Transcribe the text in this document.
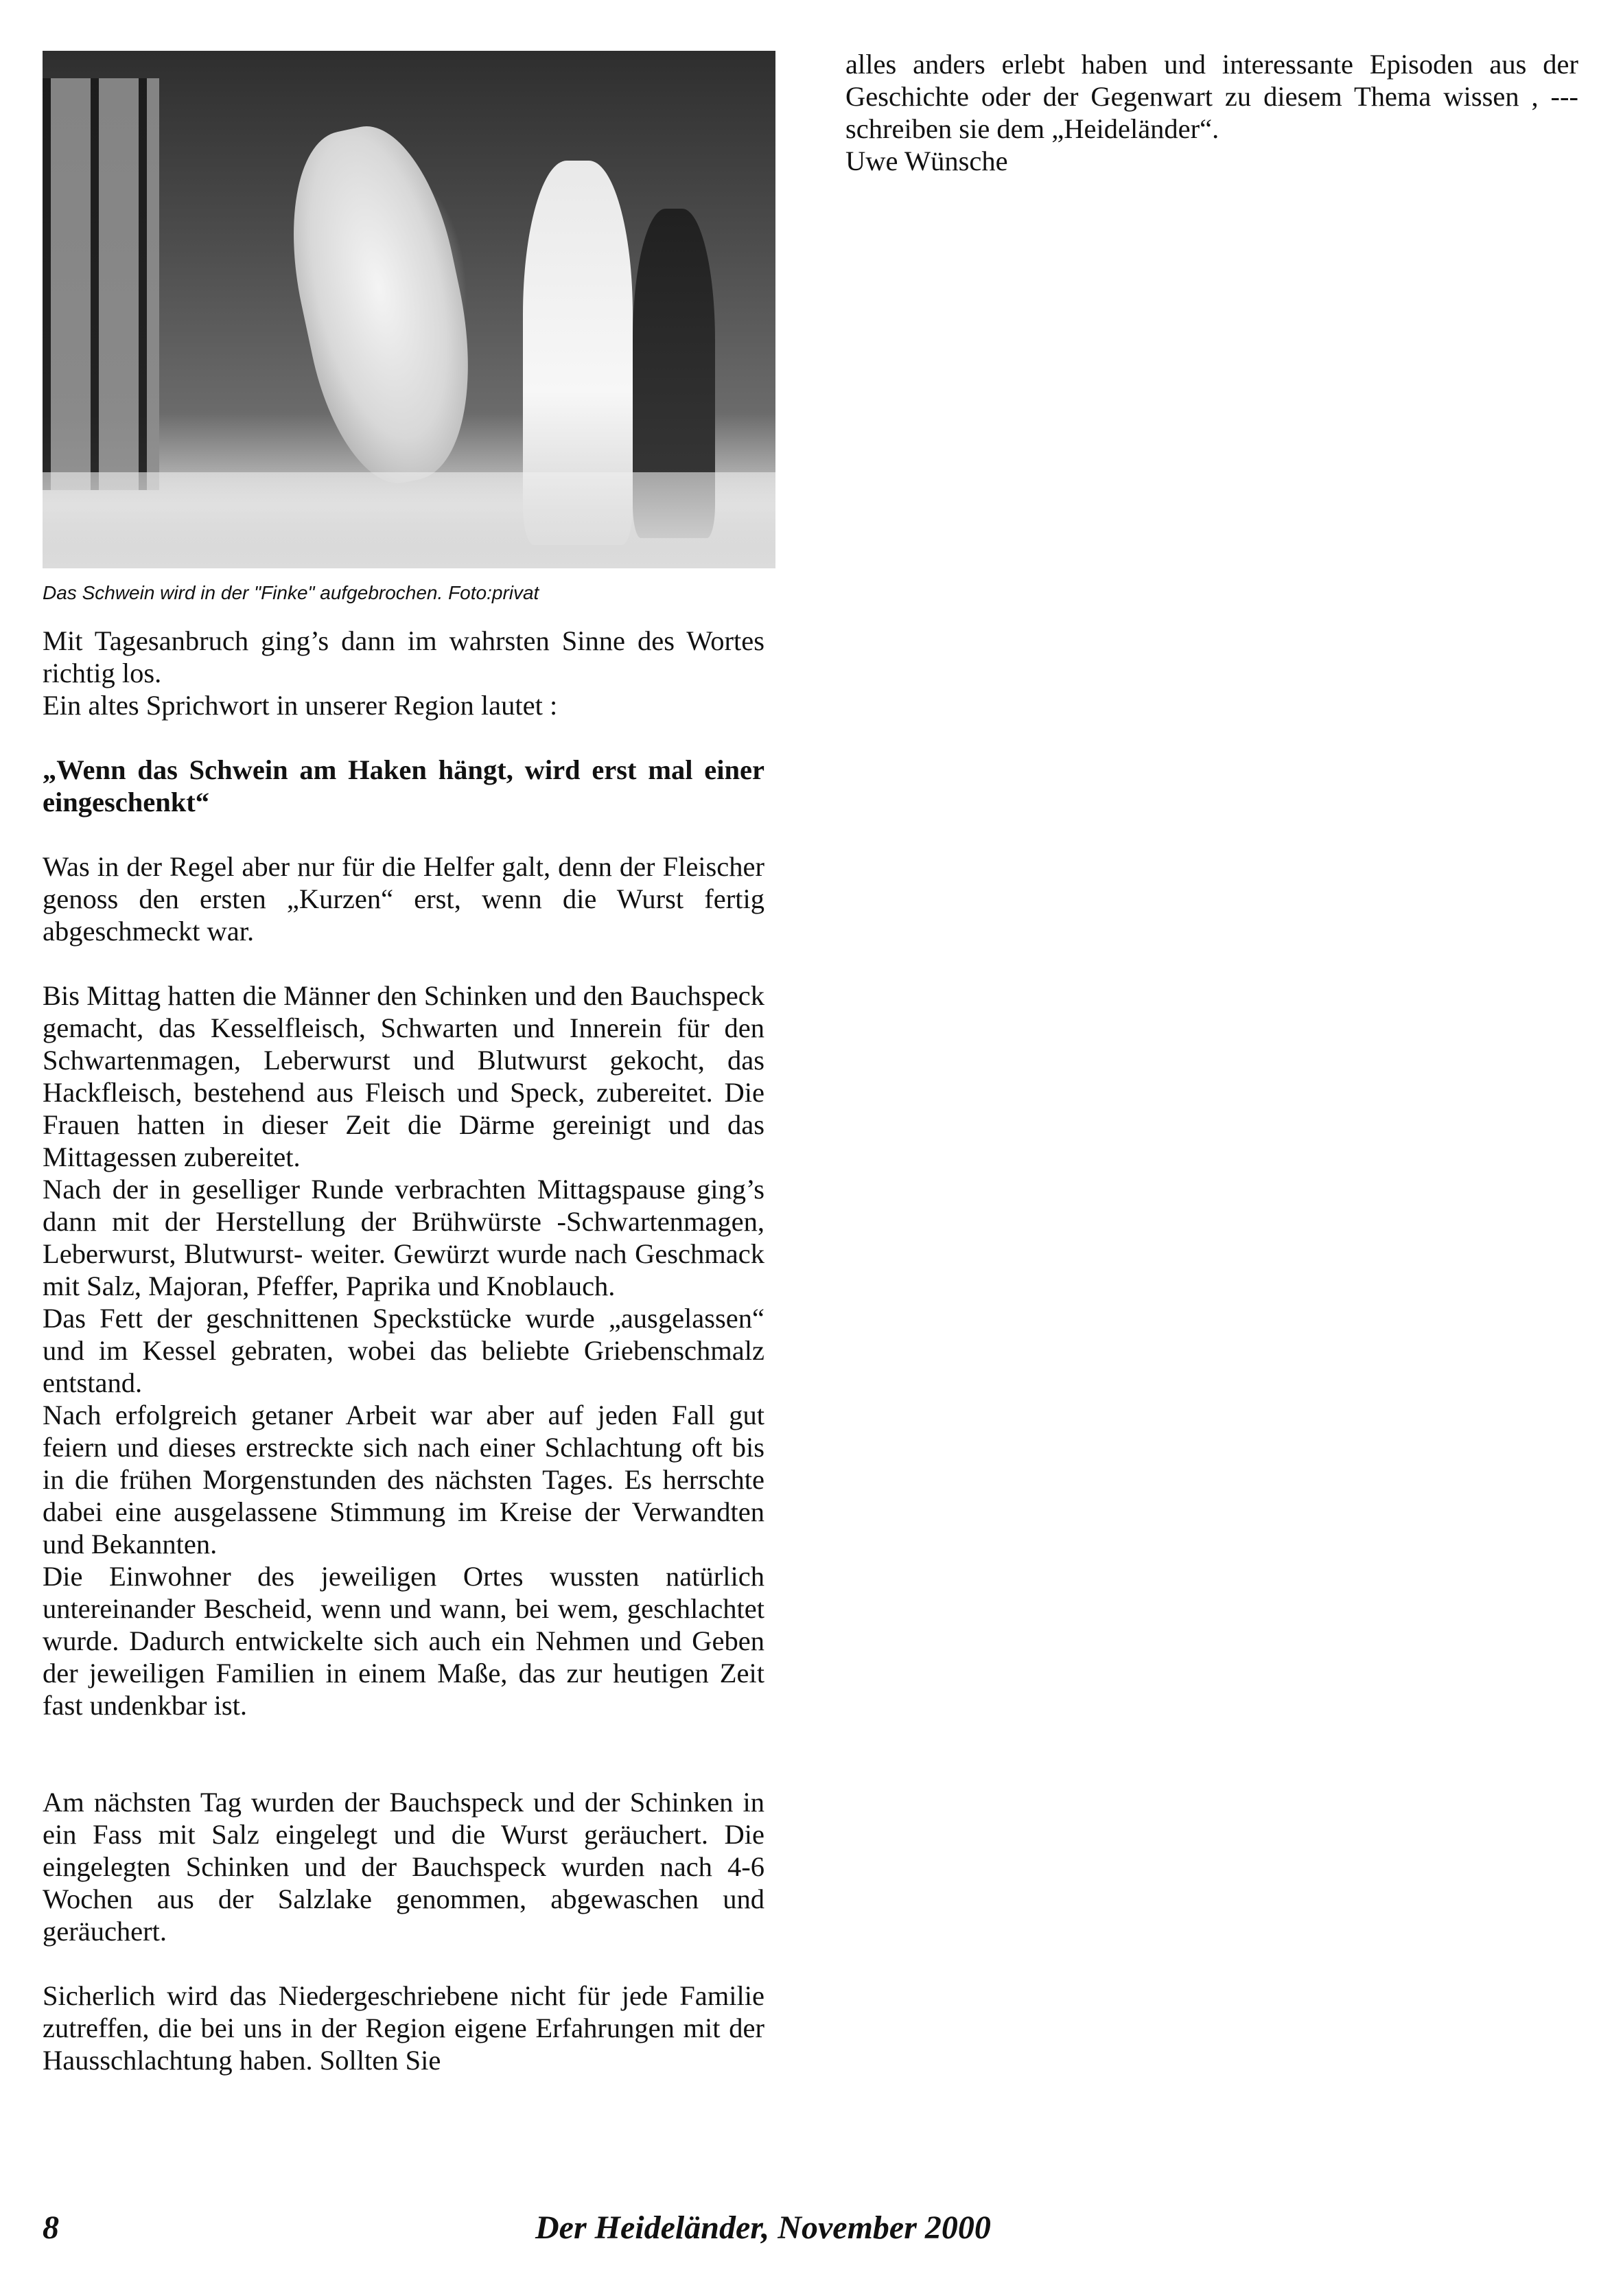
Das Schwein wird in der "Finke" aufgebrochen. Foto:privat

Mit Tagesanbruch ging’s dann im wahrsten Sinne des Wortes richtig los.

Ein altes Sprichwort in unserer Region lautet :

„Wenn das Schwein am Haken hängt, wird erst mal einer eingeschenkt“

Was in der Regel aber nur für die Helfer galt, denn der Fleischer genoss den ersten „Kurzen“ erst, wenn die Wurst fertig abgeschmeckt war.

Bis Mittag hatten die Männer den Schinken und den Bauchspeck gemacht, das Kesselfleisch, Schwarten und Innerein für den Schwartenmagen, Leberwurst und Blutwurst gekocht, das Hackfleisch, bestehend aus Fleisch und Speck, zubereitet. Die Frauen hatten in dieser Zeit die Därme gereinigt und das Mittagessen zubereitet.

Nach der in geselliger Runde verbrachten Mittagspause ging’s dann mit der Herstellung der Brühwürste -Schwartenmagen, Leberwurst, Blutwurst- weiter. Gewürzt wurde nach Geschmack mit Salz, Majoran, Pfeffer, Paprika und Knoblauch.

Das Fett der geschnittenen Speckstücke wurde „ausgelassen“ und im Kessel gebraten, wobei das beliebte Griebenschmalz entstand.

Nach erfolgreich getaner Arbeit war aber auf jeden Fall gut feiern und dieses erstreckte sich nach einer Schlachtung oft bis in die frühen Morgenstunden des nächsten Tages. Es herrschte dabei eine ausgelassene Stimmung im Kreise der Verwandten und Bekannten.

Die Einwohner des jeweiligen Ortes wussten natürlich untereinander Bescheid, wenn und wann, bei wem, geschlachtet wurde. Dadurch entwickelte sich auch ein Nehmen und Geben der jeweiligen Familien in einem Maße, das zur heutigen Zeit fast undenkbar ist.

Am nächsten Tag wurden der Bauchspeck und der Schinken in ein Fass mit Salz eingelegt und die Wurst geräuchert. Die eingelegten Schinken und der Bauchspeck wurden nach 4-6 Wochen aus der Salzlake genommen, abgewaschen und geräuchert.

Sicherlich wird das Niedergeschriebene nicht für jede Familie zutreffen, die bei uns in der Region eigene Erfahrungen mit der Hausschlachtung haben. Sollten Sie

alles anders erlebt haben und interessante Episoden aus der Geschichte oder der Gegenwart zu diesem Thema wissen , --- schreiben sie dem „Heideländer“.

Uwe Wünsche

8	Der Heideländer, November 2000
